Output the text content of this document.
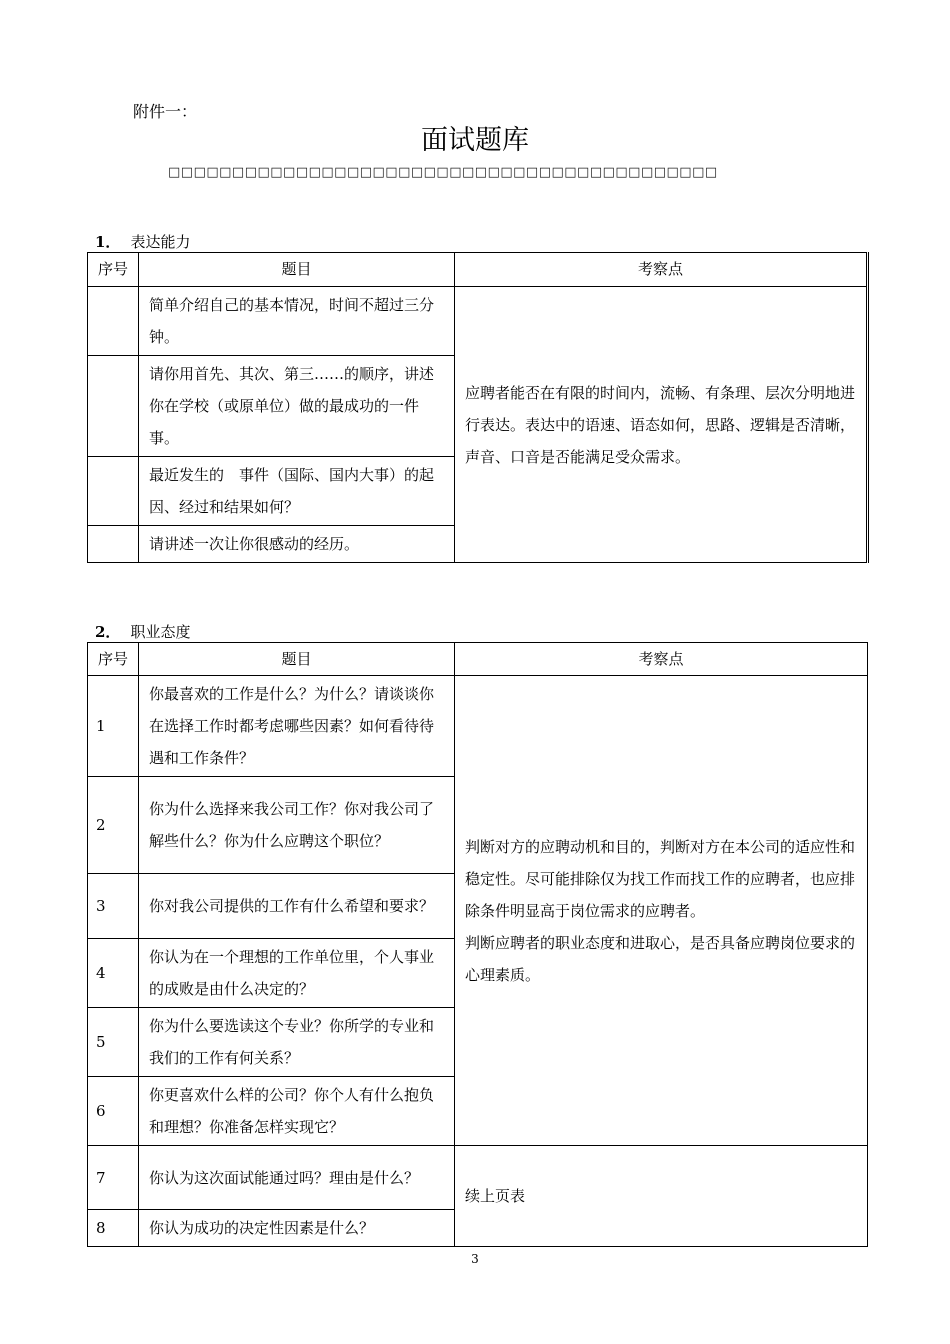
附件一：
面试题库
□□□□□□□□□□□□□□□□□□□□□□□□□□□□□□□□□□□□□□□□□□□
1． 表达能力
序号	题目	考察点
	简单介绍自己的基本情况，时间不超过三分钟。	应聘者能否在有限的时间内，流畅、有条理、层次分明地进行表达。表达中的语速、语态如何，思路、逻辑是否清晰，声音、口音是否能满足受众需求。
	请你用首先、其次、第三……的顺序，讲述你在学校（或原单位）做的最成功的一件事。	
	最近发生的　事件（国际、国内大事）的起因、经过和结果如何？	
	请讲述一次让你很感动的经历。	
2． 职业态度
序号	题目	考察点
1	你最喜欢的工作是什么？为什么？请谈谈你在选择工作时都考虑哪些因素？如何看待待遇和工作条件？	判断对方的应聘动机和目的，判断对方在本公司的适应性和稳定性。尽可能排除仅为找工作而找工作的应聘者，也应排除条件明显高于岗位需求的应聘者。
判断应聘者的职业态度和进取心，是否具备应聘岗位要求的心理素质。

2	你为什么选择来我公司工作？你对我公司了解些什么？你为什么应聘这个职位？	
3	你对我公司提供的工作有什么希望和要求？	
4	你认为在一个理想的工作单位里，个人事业的成败是由什么决定的？	
5	你为什么要选读这个专业？你所学的专业和我们的工作有何关系？	
6	你更喜欢什么样的公司？你个人有什么抱负和理想？你准备怎样实现它？	
7	你认为这次面试能通过吗？理由是什么？	续上页表
8	你认为成功的决定性因素是什么？	
3
